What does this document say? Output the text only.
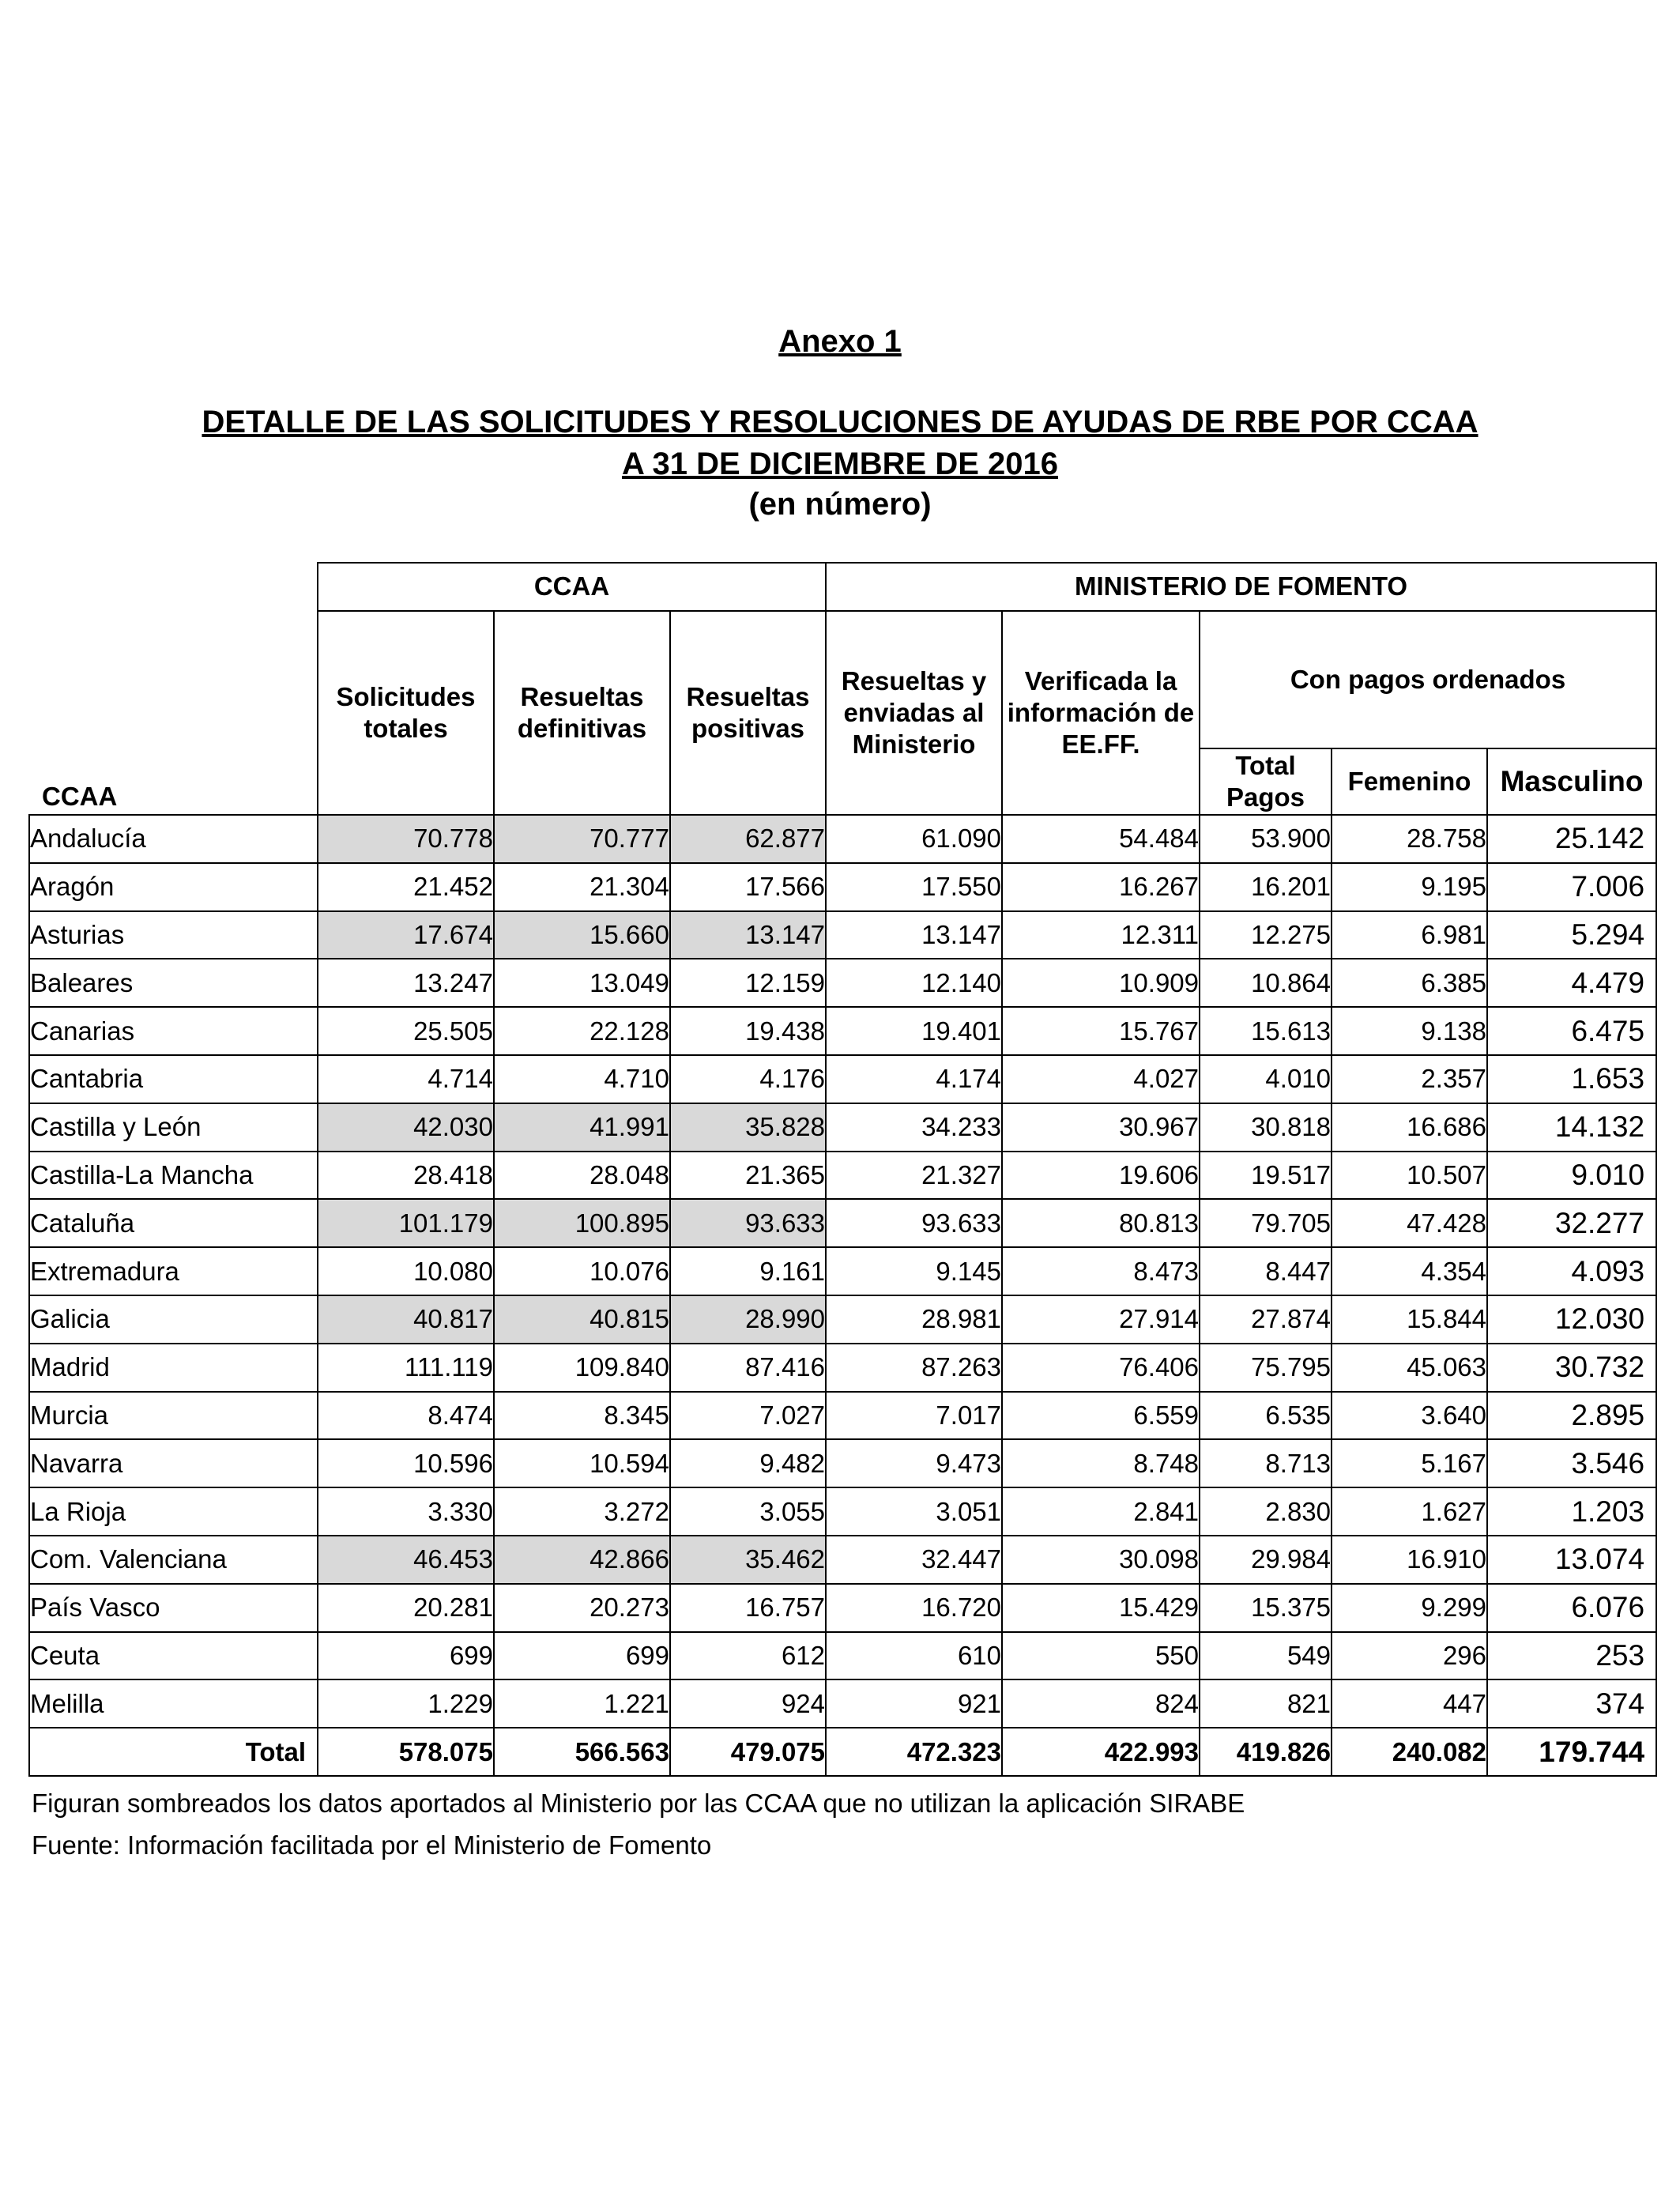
Anexo 1
DETALLE DE LAS SOLICITUDES Y RESOLUCIONES DE AYUDAS DE RBE POR CCAA
A 31 DE DICIEMBRE DE 2016
(en número)
	CCAA			MINISTERIO DE FOMENTO				
CCAA	Solicitudes totales	Resueltas definitivas	Resueltas positivas	Resueltas y enviadas al Ministerio	Verificada la información de EE.FF.	Con pagos ordenados		
						Total Pagos	Femenino	Masculino
Andalucía	70.778	70.777	62.877	61.090	54.484	53.900	28.758	25.142
Aragón	21.452	21.304	17.566	17.550	16.267	16.201	9.195	7.006
Asturias	17.674	15.660	13.147	13.147	12.311	12.275	6.981	5.294
Baleares	13.247	13.049	12.159	12.140	10.909	10.864	6.385	4.479
Canarias	25.505	22.128	19.438	19.401	15.767	15.613	9.138	6.475
Cantabria	4.714	4.710	4.176	4.174	4.027	4.010	2.357	1.653
Castilla y León	42.030	41.991	35.828	34.233	30.967	30.818	16.686	14.132
Castilla-La Mancha	28.418	28.048	21.365	21.327	19.606	19.517	10.507	9.010
Cataluña	101.179	100.895	93.633	93.633	80.813	79.705	47.428	32.277
Extremadura	10.080	10.076	9.161	9.145	8.473	8.447	4.354	4.093
Galicia	40.817	40.815	28.990	28.981	27.914	27.874	15.844	12.030
Madrid	111.119	109.840	87.416	87.263	76.406	75.795	45.063	30.732
Murcia	8.474	8.345	7.027	7.017	6.559	6.535	3.640	2.895
Navarra	10.596	10.594	9.482	9.473	8.748	8.713	5.167	3.546
La Rioja	3.330	3.272	3.055	3.051	2.841	2.830	1.627	1.203
Com. Valenciana	46.453	42.866	35.462	32.447	30.098	29.984	16.910	13.074
País Vasco	20.281	20.273	16.757	16.720	15.429	15.375	9.299	6.076
Ceuta	699	699	612	610	550	549	296	253
Melilla	1.229	1.221	924	921	824	821	447	374
Total	578.075	566.563	479.075	472.323	422.993	419.826	240.082	179.744
Figuran sombreados los datos aportados al Ministerio por las CCAA que no utilizan la aplicación SIRABE
Fuente: Información facilitada por el Ministerio de Fomento
